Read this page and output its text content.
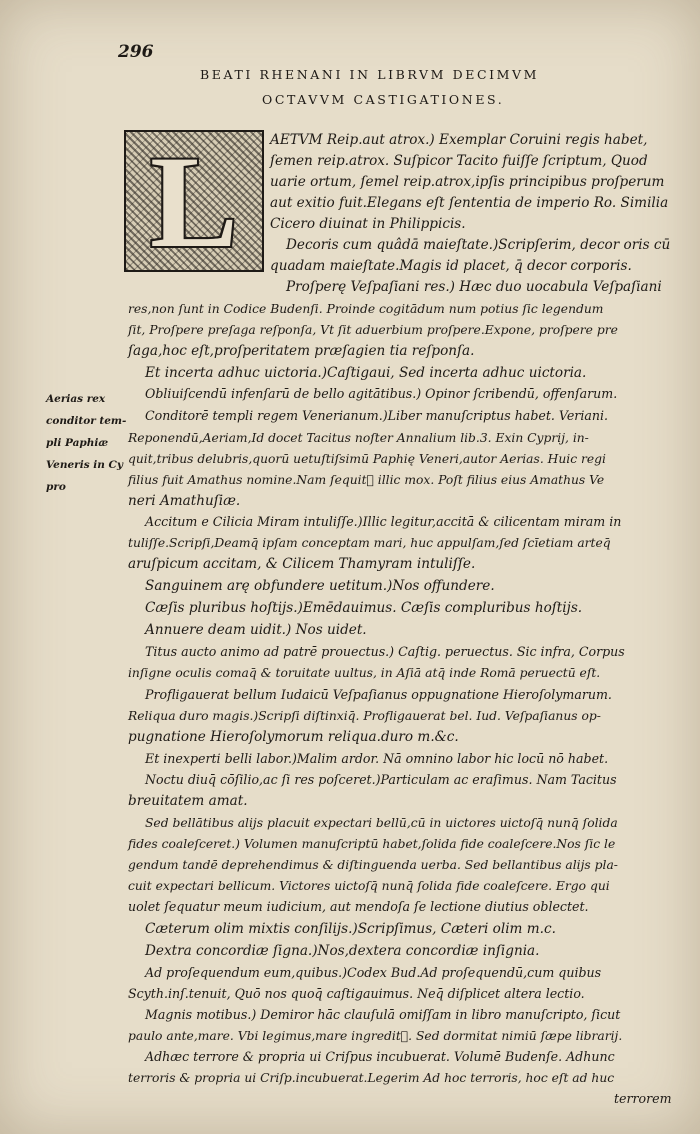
296
BEATI RHENANI IN LIBRVM DECIMVM
OCTAVVM CASTIGATIONES.
L
Aerias rex
conditor tem-
pli Paphiæ
Veneris in Cy
pro
AETVM Reip.aut atrox.) Exemplar Coruini regis habet,
ſemen reip.atrox. Suſpicor Tacito fuiſſe ſcriptum, Quod
uarie ortum, ſemel reip.atrox,ipſis principibus proſperum
aut exitio fuit.Elegans eſt ſententia de imperio Ro. Similia
Cicero diuinat in Philippicis.
Decoris cum quâdā maieſtate.)Scripſerim, decor oris cū
quadam maieſtate.Magis id placet, q̄ decor corporis.
Proſperę Veſpaſiani res.) Hæc duo uocabula Veſpaſiani
res,non ſunt in Codice Budenſi. Proinde cogitādum num potius ſic legendum
ſit, Proſpere preſaga reſponſa, Vt ſit aduerbium proſpere.Expone, proſpere pre
ſaga,hoc eſt,proſperitatem præſagien tia reſponſa.
Et incerta adhuc uictoria.)Caſtigaui, Sed incerta adhuc uictoria.
Obliuiſcendū infenſarū de bello agitātibus.) Opinor ſcribendū, offenſarum.
Conditorē templi regem Venerianum.)Liber manuſcriptus habet. Veriani.
Reponendū,Aeriam,Id docet Tacitus noſter Annalium lib.3. Exin Cyprij, in-
quit,tribus delubris,quorū uetuſtiſsimū Paphię Veneri,autor Aerias. Huic regi
filius fuit Amathus nomine.Nam ſequit᷑ illic mox. Poſt filius eius Amathus Ve
neri Amathuſiæ.
Accitum e Cilicia Miram intuliſſe.)Illic legitur,accitā & cilicentam miram in
tuliſſe.Scripſi,Deamq̄ ipſam conceptam mari, huc appulſam,ſed ſcīetiam arteq̄
aruſpicum accitam, & Cilicem Thamyram intuliſſe.
Sanguinem arę obfundere uetitum.)Nos offundere.
Cæſis pluribus hoſtijs.)Emēdauimus. Cæſis compluribus hoſtijs.
Annuere deam uidit.) Nos uidet.
Titus aucto animo ad patrē prouectus.) Caſtig. peruectus. Sic infra, Corpus
inſigne oculis comaq̄ & toruitate uultus, in Aſiā atq̄ inde Romā peruectū eſt.
Profligauerat bellum Iudaicū Veſpaſianus oppugnatione Hieroſolymarum.
Reliqua duro magis.)Scripſi diſtinxiq̄. Profligauerat bel. Iud. Veſpaſianus op-
pugnatione Hieroſolymorum reliqua.duro m.&c.
Et inexperti belli labor.)Malim ardor. Nā omnino labor hic locū nō habet.
Noctu diuq̄ cōſilio,ac ſi res poſceret.)Particulam ac eraſimus. Nam Tacitus
breuitatem amat.
Sed bellātibus alijs placuit expectari bellū,cū in uictores uictoſq̄ nunq̄ ſolida
fides coaleſceret.) Volumen manuſcriptū habet,ſolida fide coaleſcere.Nos ſic le
gendum tandē deprehendimus & diſtinguenda uerba. Sed bellantibus alijs pla-
cuit expectari bellicum. Victores uictoſq̄ nunq̄ ſolida fide coaleſcere. Ergo qui
uolet ſequatur meum iudicium, aut mendoſa ſe lectione diutius oblectet.
Cæterum olim mixtis conſilijs.)Scripſimus, Cæteri olim m.c.
Dextra concordiæ ſigna.)Nos,dextera concordiæ inſignia.
Ad proſequendum eum,quibus.)Codex Bud.Ad proſequendū,cum quibus
Scyth.inſ.tenuit, Quō nos quoq̄ caſtigauimus. Neq̄ diſplicet altera lectio.
Magnis motibus.) Demiror hāc clauſulā omiſſam in libro manuſcripto, ſicut
paulo ante,mare. Vbi legimus,mare ingredit᷑. Sed dormitat nimiū ſæpe librarij.
Adhæc terrore & propria ui Criſpus incubuerat. Volumē Budenſe. Adhunc
terroris & propria ui Criſp.incubuerat.Legerim Ad hoc terroris, hoc eſt ad huc
terrorem
